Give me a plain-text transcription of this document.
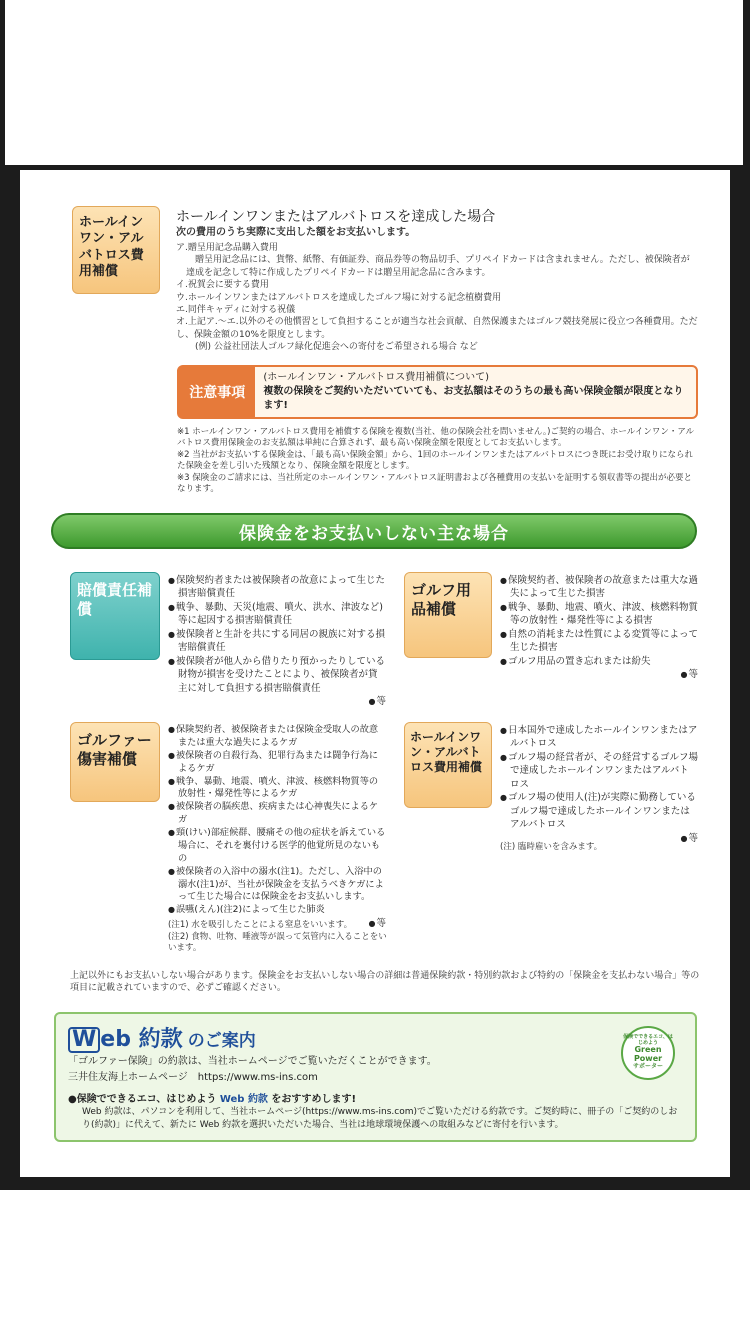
ホールインワン・アルバトロス費用補償
ホールインワンまたはアルバトロスを達成した場合
次の費用のうち実際に支出した額をお支払いします。
ア.贈呈用記念品購入費用
　贈呈用記念品には、貨幣、紙幣、有価証券、商品券等の物品切手、プリペイドカードは含まれません。ただし、被保険者が達成を記念して特に作成したプリペイドカードは贈呈用記念品に含みます。
イ.祝賀会に要する費用
ウ.ホールインワンまたはアルバトロスを達成したゴルフ場に対する記念植樹費用
エ.同伴キャディに対する祝儀
オ.上記ア.〜エ.以外のその他慣習として負担することが適当な社会貢献、自然保護またはゴルフ競技発展に役立つ各種費用。ただし、保険金額の10%を限度とします。
　(例) 公益社団法人ゴルフ緑化促進会への寄付をご希望される場合 など
注意事項
(ホールインワン・アルバトロス費用補償について)
複数の保険をご契約いただいていても、お支払額はそのうちの最も高い保険金額が限度となります!
※1 ホールインワン・アルバトロス費用を補償する保険を複数(当社、他の保険会社を問いません。)ご契約の場合、ホールインワン・アルバトロス費用保険金のお支払額は単純に合算されず、最も高い保険金額を限度としてお支払いします。
※2 当社がお支払いする保険金は、「最も高い保険金額」から、1回のホールインワンまたはアルバトロスにつき既にお受け取りになられた保険金を差し引いた残額となり、保険金額を限度とします。
※3 保険金のご請求には、当社所定のホールインワン・アルバトロス証明書および各種費用の支払いを証明する領収書等の提出が必要となります。
保険金をお支払いしない主な場合
賠償責任補償
● 保険契約者または被保険者の故意によって生じた損害賠償責任
● 戦争、暴動、天災(地震、噴火、洪水、津波など)等に起因する損害賠償責任
● 被保険者と生計を共にする同居の親族に対する損害賠償責任
● 被保険者が他人から借りたり預かったりしている財物が損害を受けたことにより、被保険者が貸主に対して負担する損害賠償責任
● 等
ゴルフ用品補償
● 保険契約者、被保険者の故意または重大な過失によって生じた損害
● 戦争、暴動、地震、噴火、津波、核燃料物質等の放射性・爆発性等による損害
● 自然の消耗または性質による変質等によって生じた損害
● ゴルフ用品の置き忘れまたは紛失
● 等
ゴルファー傷害補償
● 保険契約者、被保険者または保険金受取人の故意または重大な過失によるケガ
● 被保険者の自殺行為、犯罪行為または闘争行為によるケガ
● 戦争、暴動、地震、噴火、津波、核燃料物質等の放射性・爆発性等によるケガ
● 被保険者の脳疾患、疾病または心神喪失によるケガ
● 頸(けい)部症候群、腰痛その他の症状を訴えている場合に、それを裏付ける医学的他覚所見のないもの
● 被保険者の入浴中の溺水(注1)。ただし、入浴中の溺水(注1)が、当社が保険金を支払うべきケガによって生じた場合には保険金をお支払いします。
● 誤嚥(えん)(注2)によって生じた肺炎
● 等
(注1) 水を吸引したことによる窒息をいいます。
(注2) 食物、吐物、唾液等が誤って気管内に入ることをいいます。
ホールインワン・アルバトロス費用補償
● 日本国外で達成したホールインワンまたはアルバトロス
● ゴルフ場の経営者が、その経営するゴルフ場で達成したホールインワンまたはアルバトロス
● ゴルフ場の使用人(注)が実際に勤務しているゴルフ場で達成したホールインワンまたはアルバトロス
● 等
(注) 臨時雇いを含みます。
上記以外にもお支払いしない場合があります。保険金をお支払いしない場合の詳細は普通保険約款・特別約款および特約の「保険金を支払わない場合」等の項目に記載されていますので、必ずご確認ください。
W eb 約款 のご案内
「ゴルファー保険」の約款は、当社ホームページでご覧いただくことができます。
三井住友海上ホームページ　https://www.ms-ins.com
●保険でできるエコ、はじめよう Web 約款 をおすすめします!
Web 約款は、パソコンを利用して、当社ホームページ(https://www.ms-ins.com)でご覧いただける約款です。ご契約時に、冊子の「ご契約のしおり(約款)」に代えて、新たに Web 約款を選択いただいた場合、当社は地球環境保護への取組みなどに寄付を行います。
保険でできるエコ、はじめよう
Green Power
サポーター
4
